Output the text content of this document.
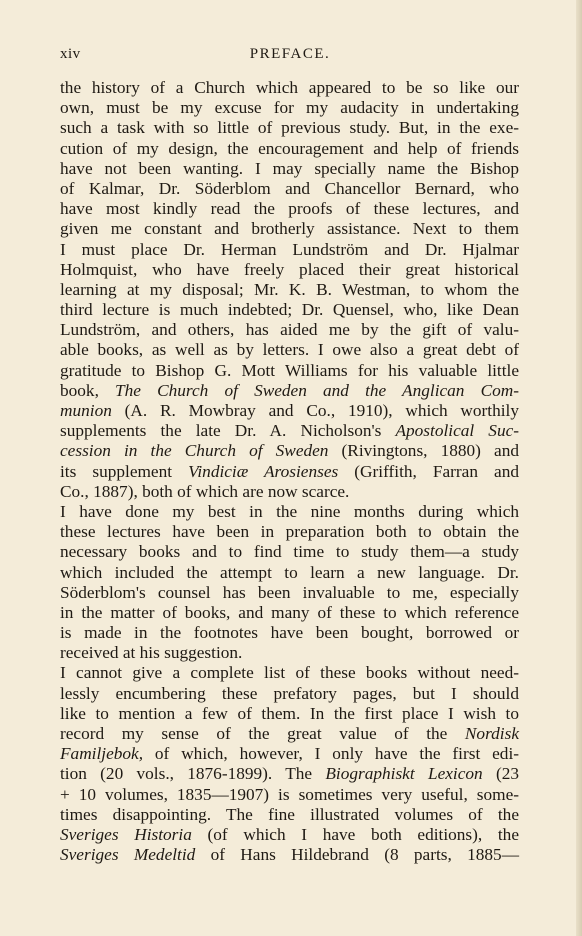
xiv	PREFACE.
the history of a Church which appeared to be so like our
own, must be my excuse for my audacity in undertaking
such a task with so little of previous study. But, in the exe-
cution of my design, the encouragement and help of friends
have not been wanting. I may specially name the Bishop
of Kalmar, Dr. Söderblom and Chancellor Bernard, who
have most kindly read the proofs of these lectures, and
given me constant and brotherly assistance. Next to them
I must place Dr. Herman Lundström and Dr. Hjalmar
Holmquist, who have freely placed their great historical
learning at my disposal; Mr. K. B. Westman, to whom the
third lecture is much indebted; Dr. Quensel, who, like Dean
Lundström, and others, has aided me by the gift of valu-
able books, as well as by letters. I owe also a great debt of
gratitude to Bishop G. Mott Williams for his valuable little
book, The Church of Sweden and the Anglican Com-
munion (A. R. Mowbray and Co., 1910), which worthily
supplements the late Dr. A. Nicholson's Apostolical Suc-
cession in the Church of Sweden (Rivingtons, 1880) and
its supplement Vindiciæ Arosienses (Griffith, Farran and
Co., 1887), both of which are now scarce.
I have done my best in the nine months during which
these lectures have been in preparation both to obtain the
necessary books and to find time to study them—a study
which included the attempt to learn a new language. Dr.
Söderblom's counsel has been invaluable to me, especially
in the matter of books, and many of these to which reference
is made in the footnotes have been bought, borrowed or
received at his suggestion.
I cannot give a complete list of these books without need-
lessly encumbering these prefatory pages, but I should
like to mention a few of them. In the first place I wish to
record my sense of the great value of the Nordisk
Familjebok, of which, however, I only have the first edi-
tion (20 vols., 1876-1899). The Biographiskt Lexicon (23
+ 10 volumes, 1835—1907) is sometimes very useful, some-
times disappointing. The fine illustrated volumes of the
Sveriges Historia (of which I have both editions), the
Sveriges Medeltid of Hans Hildebrand (8 parts, 1885—
